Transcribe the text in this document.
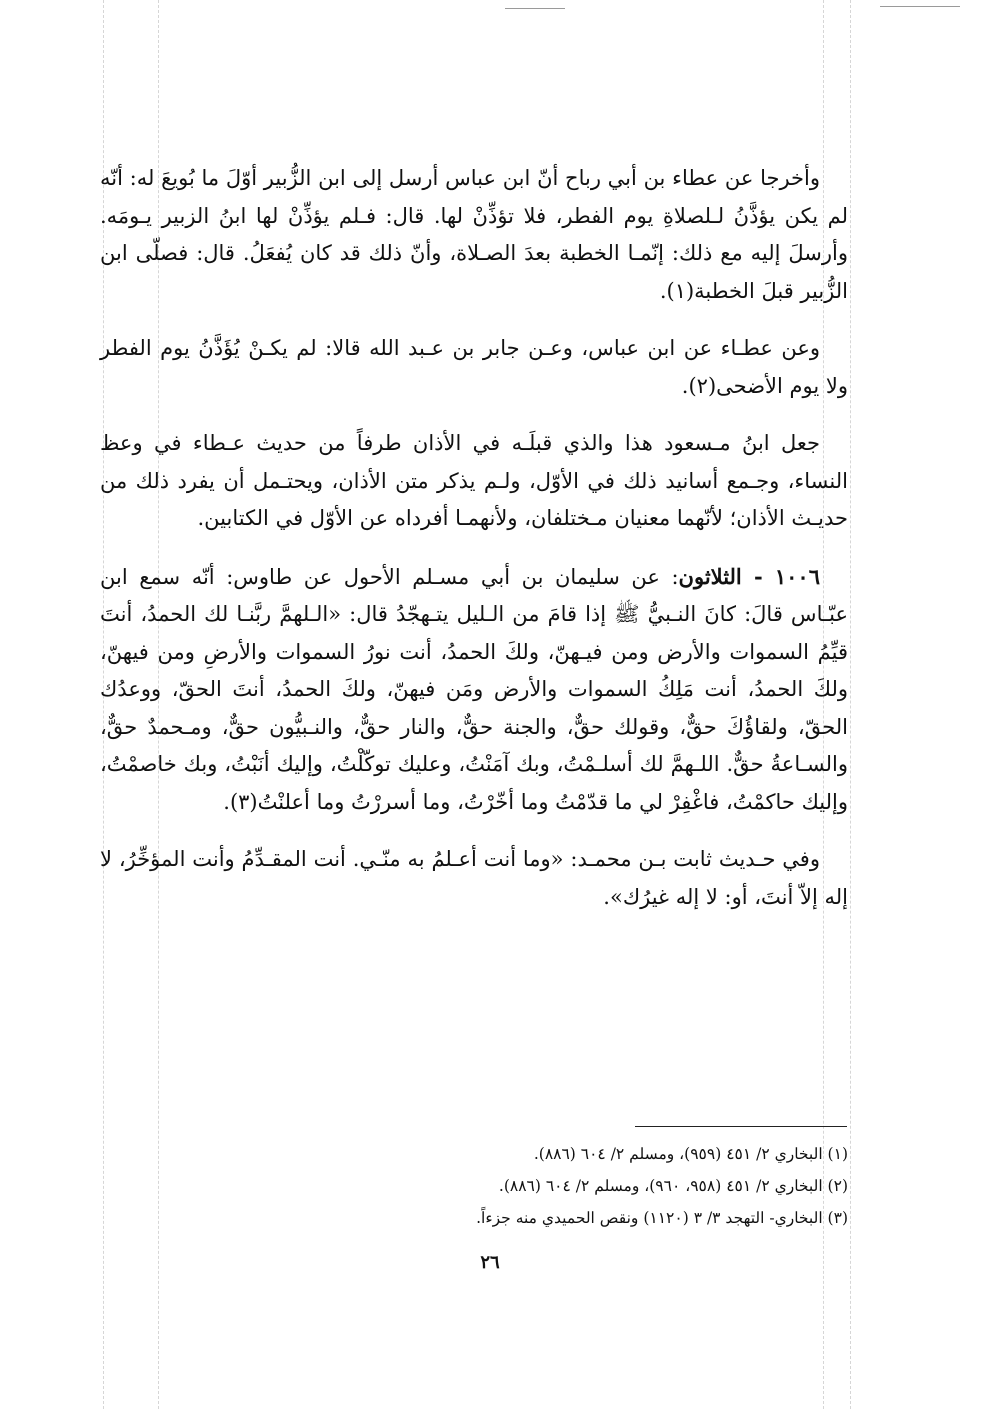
وأخرجا عن عطاء بن أبي رباح أنّ ابن عباس أرسل إلى ابن الزُّبير أوّلَ ما بُويعَ له: أنّه لم يكن يؤذَّنُ لـلصلاةِ يوم الفطر، فلا تؤذِّنْ لها. قال: فـلم يؤذِّنْ لها ابنُ الزبير يـومَه. وأرسلَ إليه مع ذلك: إنّمـا الخطبة بعدَ الصـلاة، وأنّ ذلك قد كان يُفعَلُ. قال: فصلّى ابن الزُّبير قبلَ الخطبة(١).

وعن عطـاء عن ابن عباس، وعـن جابر بن عـبد الله قالا: لم يكـنْ يُؤَذَّنُ يوم الفطر ولا يوم الأضحى(٢).

جعل ابنُ مـسعود هذا والذي قبلَـه في الأذان طرفاً من حديث عـطاء في وعظ النساء، وجـمع أسانيد ذلك في الأوّل، ولـم يذكر متن الأذان، ويحتـمل أن يفرد ذلك من حديـث الأذان؛ لأنّهما معنيان مـختلفان، ولأنهمـا أفرداه عن الأوّل في الكتابين.

١٠٠٦ - الثلاثون: عن سليمان بن أبي مسـلم الأحول عن طاوس: أنّه سمع ابن عبّـاس قالَ: كانَ النـبيُّ ﷺ إذا قامَ من الـليل يتـهجّدُ قال: «الـلهمَّ ربَّنـا لك الحمدُ، أنتَ قيِّمُ السموات والأرض ومن فيـهنّ، ولكَ الحمدُ، أنت نورُ السموات والأرضِ ومن فيهنّ، ولكَ الحمدُ، أنت مَلِكُ السموات والأرض ومَن فيهنّ، ولكَ الحمدُ، أنتَ الحقّ، ووعدُك الحقّ، ولقاؤُكَ حقٌّ، وقولك حقٌّ، والجنة حقٌّ، والنار حقٌّ، والنـبيُّون حقٌّ، ومـحمدٌ حقٌّ، والسـاعةُ حقٌّ. اللـهمَّ لك أسلـمْتُ، وبك آمَنْتُ، وعليك توكّلْتُ، وإليك أنَبْتُ، وبك خاصمْتُ، وإليك حاكمْتُ، فاغْفِرْ لي ما قدّمْتُ وما أخّرْتُ، وما أسررْتُ وما أعلنْتُ(٣).

وفي حـديث ثابت بـن محمـد: «وما أنت أعـلمُ به منّـي. أنت المقـدِّمُ وأنت المؤخِّرُ، لا إله إلاّ أنتَ، أو: لا إله غيرُك».

(١) البخاري ٢/ ٤٥١ (٩٥٩)، ومسلم ٢/ ٦٠٤ (٨٨٦).

(٢) البخاري ٢/ ٤٥١ (٩٥٨، ٩٦٠)، ومسلم ٢/ ٦٠٤ (٨٨٦).

(٣) البخاري- التهجد ٣/ ٣ (١١٢٠) ونقص الحميدي منه جزءاً.

٢٦
